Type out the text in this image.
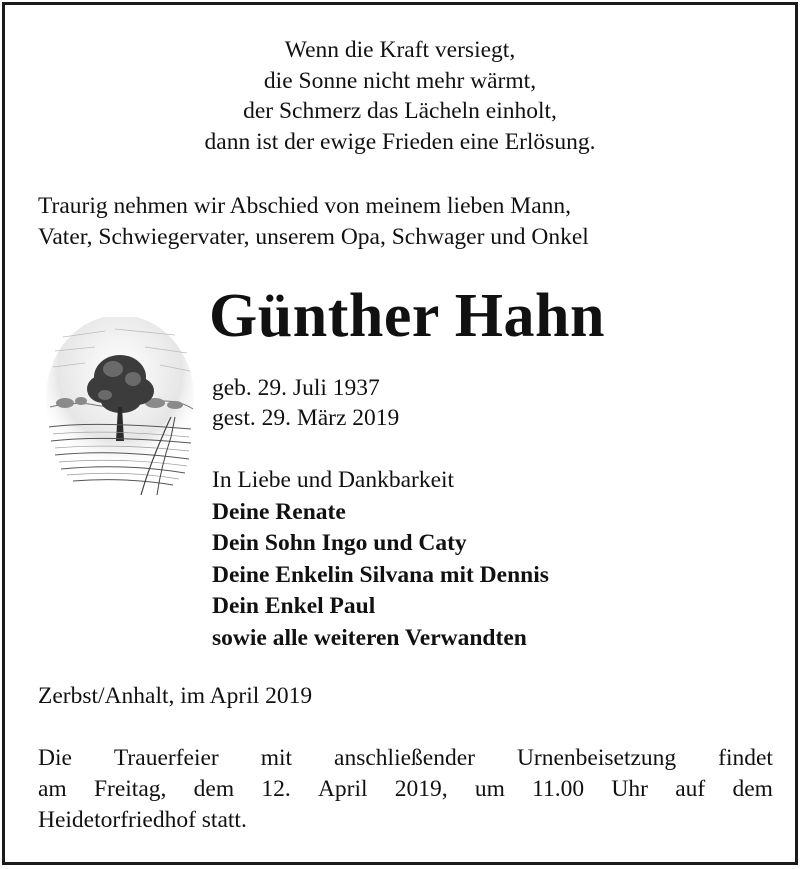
Wenn die Kraft versiegt,
die Sonne nicht mehr wärmt,
der Schmerz das Lächeln einholt,
dann ist der ewige Frieden eine Erlösung.
Traurig nehmen wir Abschied von meinem lieben Mann,
Vater, Schwiegervater, unserem Opa, Schwager und Onkel
Günther Hahn
geb. 29. Juli 1937
gest. 29. März 2019
In Liebe und Dankbarkeit
Deine Renate
Dein Sohn Ingo und Caty
Deine Enkelin Silvana mit Dennis
Dein Enkel Paul
sowie alle weiteren Verwandten
Zerbst/Anhalt, im April 2019
Die Trauerfeier mit anschließender Urnenbeisetzung findet
am Freitag, dem 12. April 2019, um 11.00 Uhr auf dem
Heidetorfriedhof statt.
